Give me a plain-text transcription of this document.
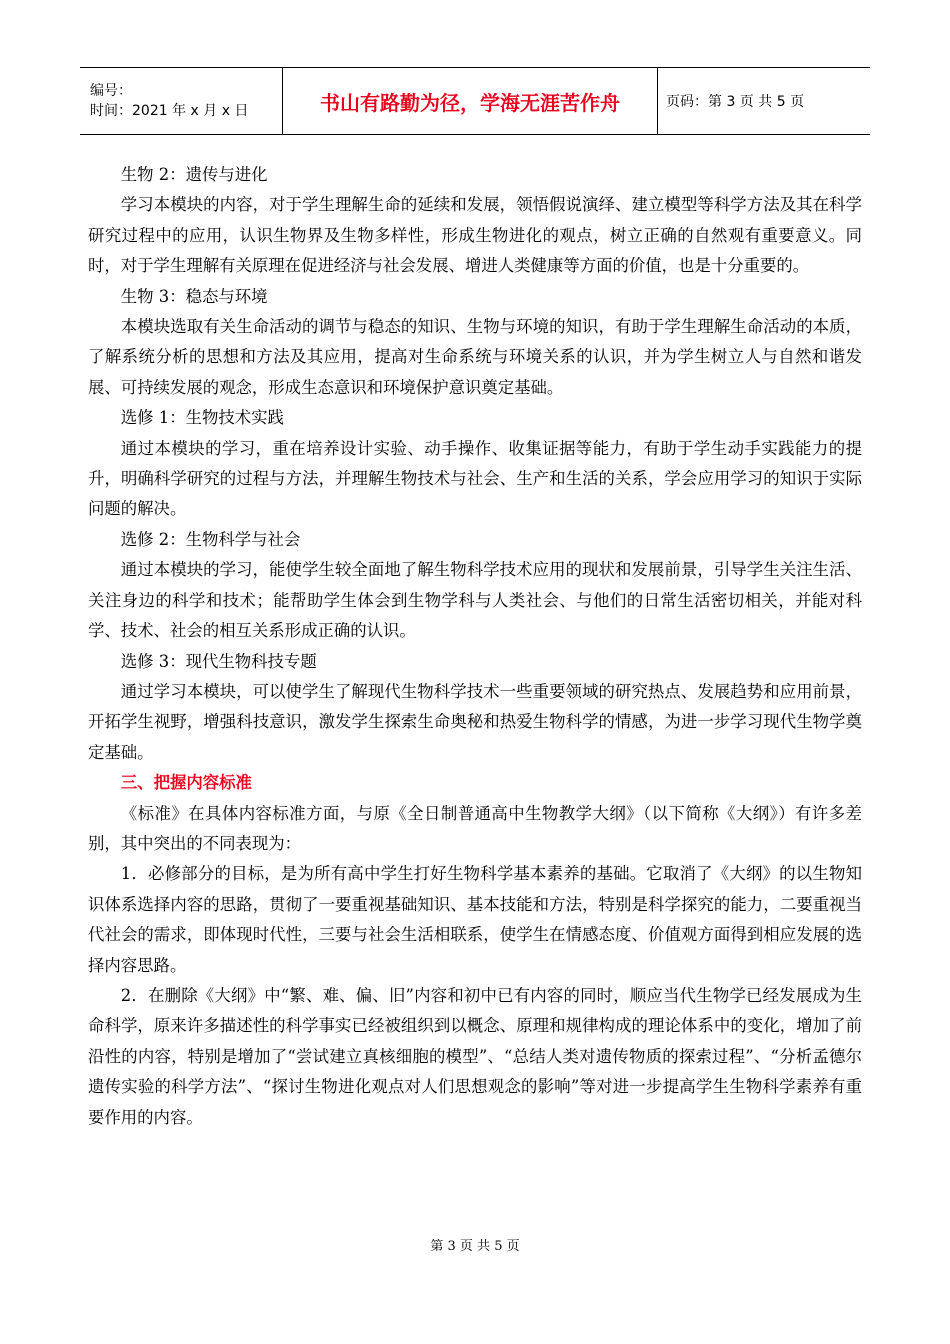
编号：
时间：2021 年 x 月 x 日	书山有路勤为径，学海无涯苦作舟	页码：第 3 页 共 5 页

生物 2：遗传与进化

学习本模块的内容，对于学生理解生命的延续和发展，领悟假说演绎、建立模型等科学方法及其在科学研究过程中的应用，认识生物界及生物多样性，形成生物进化的观点，树立正确的自然观有重要意义。同时，对于学生理解有关原理在促进经济与社会发展、增进人类健康等方面的价值，也是十分重要的。

生物 3：稳态与环境

本模块选取有关生命活动的调节与稳态的知识、生物与环境的知识，有助于学生理解生命活动的本质，了解系统分析的思想和方法及其应用，提高对生命系统与环境关系的认识，并为学生树立人与自然和谐发展、可持续发展的观念，形成生态意识和环境保护意识奠定基础。

选修 1：生物技术实践

通过本模块的学习，重在培养设计实验、动手操作、收集证据等能力，有助于学生动手实践能力的提升，明确科学研究的过程与方法，并理解生物技术与社会、生产和生活的关系，学会应用学习的知识于实际问题的解决。

选修 2：生物科学与社会

通过本模块的学习，能使学生较全面地了解生物科学技术应用的现状和发展前景，引导学生关注生活、关注身边的科学和技术；能帮助学生体会到生物学科与人类社会、与他们的日常生活密切相关，并能对科学、技术、社会的相互关系形成正确的认识。

选修 3：现代生物科技专题

通过学习本模块，可以使学生了解现代生物科学技术一些重要领域的研究热点、发展趋势和应用前景，开拓学生视野，增强科技意识，激发学生探索生命奥秘和热爱生物科学的情感，为进一步学习现代生物学奠定基础。

三、把握内容标准

《标准》在具体内容标准方面，与原《全日制普通高中生物教学大纲》（以下简称《大纲》）有许多差别，其中突出的不同表现为：

1．必修部分的目标，是为所有高中学生打好生物科学基本素养的基础。它取消了《大纲》的以生物知识体系选择内容的思路，贯彻了一要重视基础知识、基本技能和方法，特别是科学探究的能力，二要重视当代社会的需求，即体现时代性，三要与社会生活相联系，使学生在情感态度、价值观方面得到相应发展的选择内容思路。

2．在删除《大纲》中“繁、难、偏、旧”内容和初中已有内容的同时，顺应当代生物学已经发展成为生命科学，原来许多描述性的科学事实已经被组织到以概念、原理和规律构成的理论体系中的变化，增加了前沿性的内容，特别是增加了“尝试建立真核细胞的模型”、“总结人类对遗传物质的探索过程”、“分析孟德尔遗传实验的科学方法”、“探讨生物进化观点对人们思想观念的影响”等对进一步提高学生生物科学素养有重要作用的内容。

第 3 页 共 5 页
